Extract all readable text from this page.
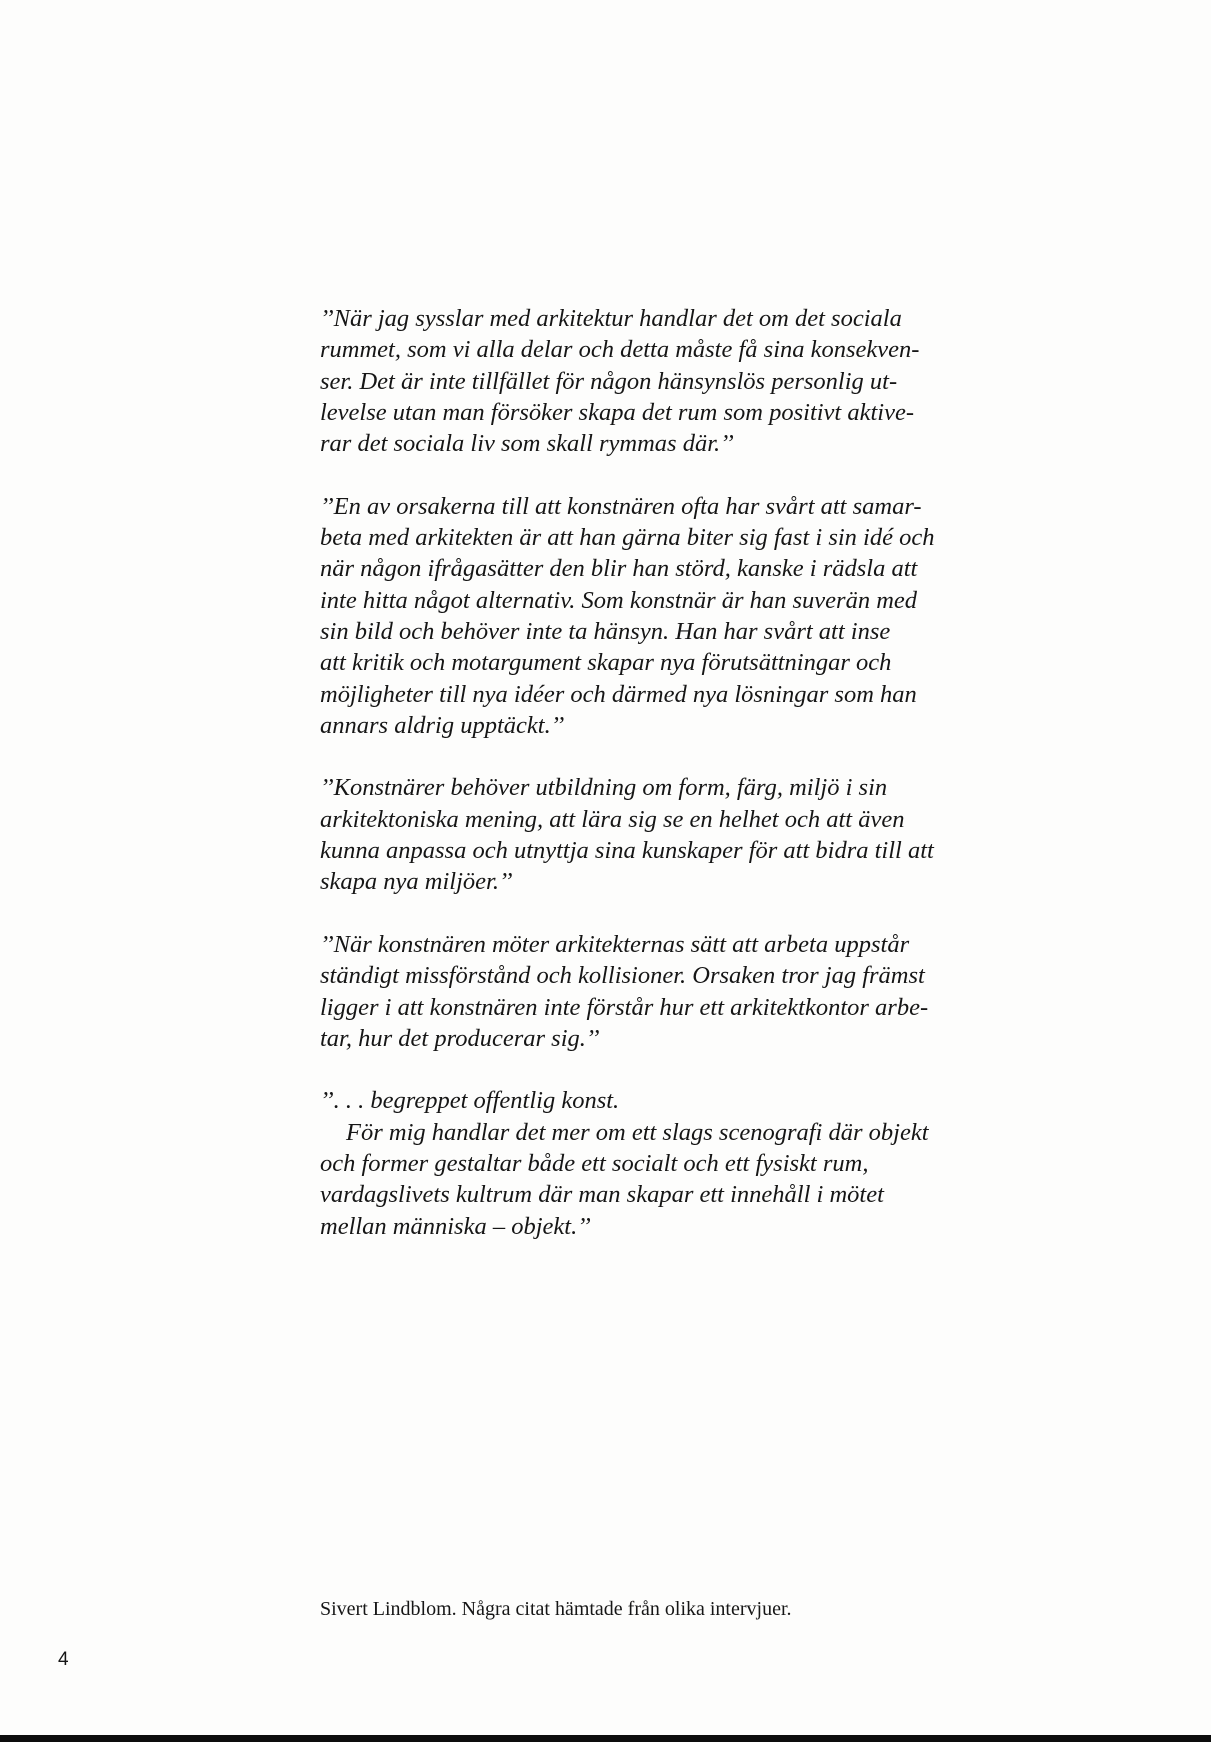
’’När jag sysslar med arkitektur handlar det om det sociala
rummet, som vi alla delar och detta måste få sina konsekven-
ser. Det är inte tillfället för någon hänsynslös personlig ut-
levelse utan man försöker skapa det rum som positivt aktive-
rar det sociala liv som skall rymmas där.’’

’’En av orsakerna till att konstnären ofta har svårt att samar-
beta med arkitekten är att han gärna biter sig fast i sin idé och
när någon ifrågasätter den blir han störd, kanske i rädsla att
inte hitta något alternativ. Som konstnär är han suverän med
sin bild och behöver inte ta hänsyn. Han har svårt att inse
att kritik och motargument skapar nya förutsättningar och
möjligheter till nya idéer och därmed nya lösningar som han
annars aldrig upptäckt.’’

’’Konstnärer behöver utbildning om form, färg, miljö i sin
arkitektoniska mening, att lära sig se en helhet och att även
kunna anpassa och utnyttja sina kunskaper för att bidra till att
skapa nya miljöer.’’

’’När konstnären möter arkitekternas sätt att arbeta uppstår
ständigt missförstånd och kollisioner. Orsaken tror jag främst
ligger i att konstnären inte förstår hur ett arkitektkontor arbe-
tar, hur det producerar sig.’’

’’. . . begreppet offentlig konst.
För mig handlar det mer om ett slags scenografi där objekt
och former gestaltar både ett socialt och ett fysiskt rum,
vardagslivets kultrum där man skapar ett innehåll i mötet
mellan människa – objekt.’’

Sivert Lindblom. Några citat hämtade från olika intervjuer.
4
